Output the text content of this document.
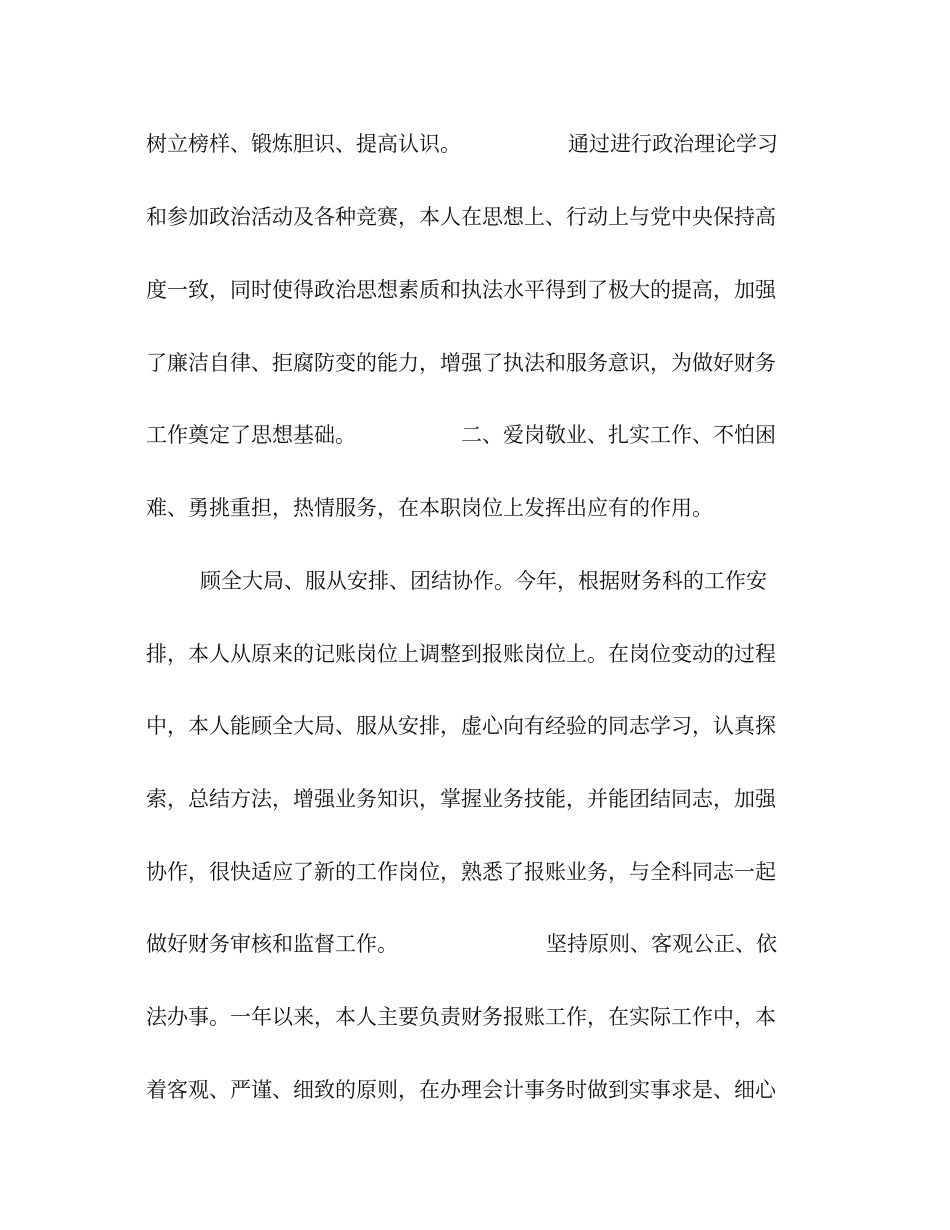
树立榜样、锻炼胆识、提高认识。	通过进行政治理论学习
和参加政治活动及各种竞赛，本人在思想上、行动上与党中央保持高
度一致，同时使得政治思想素质和执法水平得到了极大的提高，加强
了廉洁自律、拒腐防变的能力，增强了执法和服务意识，为做好财务
工作奠定了思想基础。	二、爱岗敬业、扎实工作、不怕困
难、勇挑重担，热情服务，在本职岗位上发挥出应有的作用。
顾全大局、服从安排、团结协作。今年，根据财务科的工作安
排，本人从原来的记账岗位上调整到报账岗位上。在岗位变动的过程
中，本人能顾全大局、服从安排，虚心向有经验的同志学习，认真探
索，总结方法，增强业务知识，掌握业务技能，并能团结同志，加强
协作，很快适应了新的工作岗位，熟悉了报账业务，与全科同志一起
做好财务审核和监督工作。	坚持原则、客观公正、依
法办事。一年以来，本人主要负责财务报账工作，在实际工作中，本
着客观、严谨、细致的原则，在办理会计事务时做到实事求是、细心
